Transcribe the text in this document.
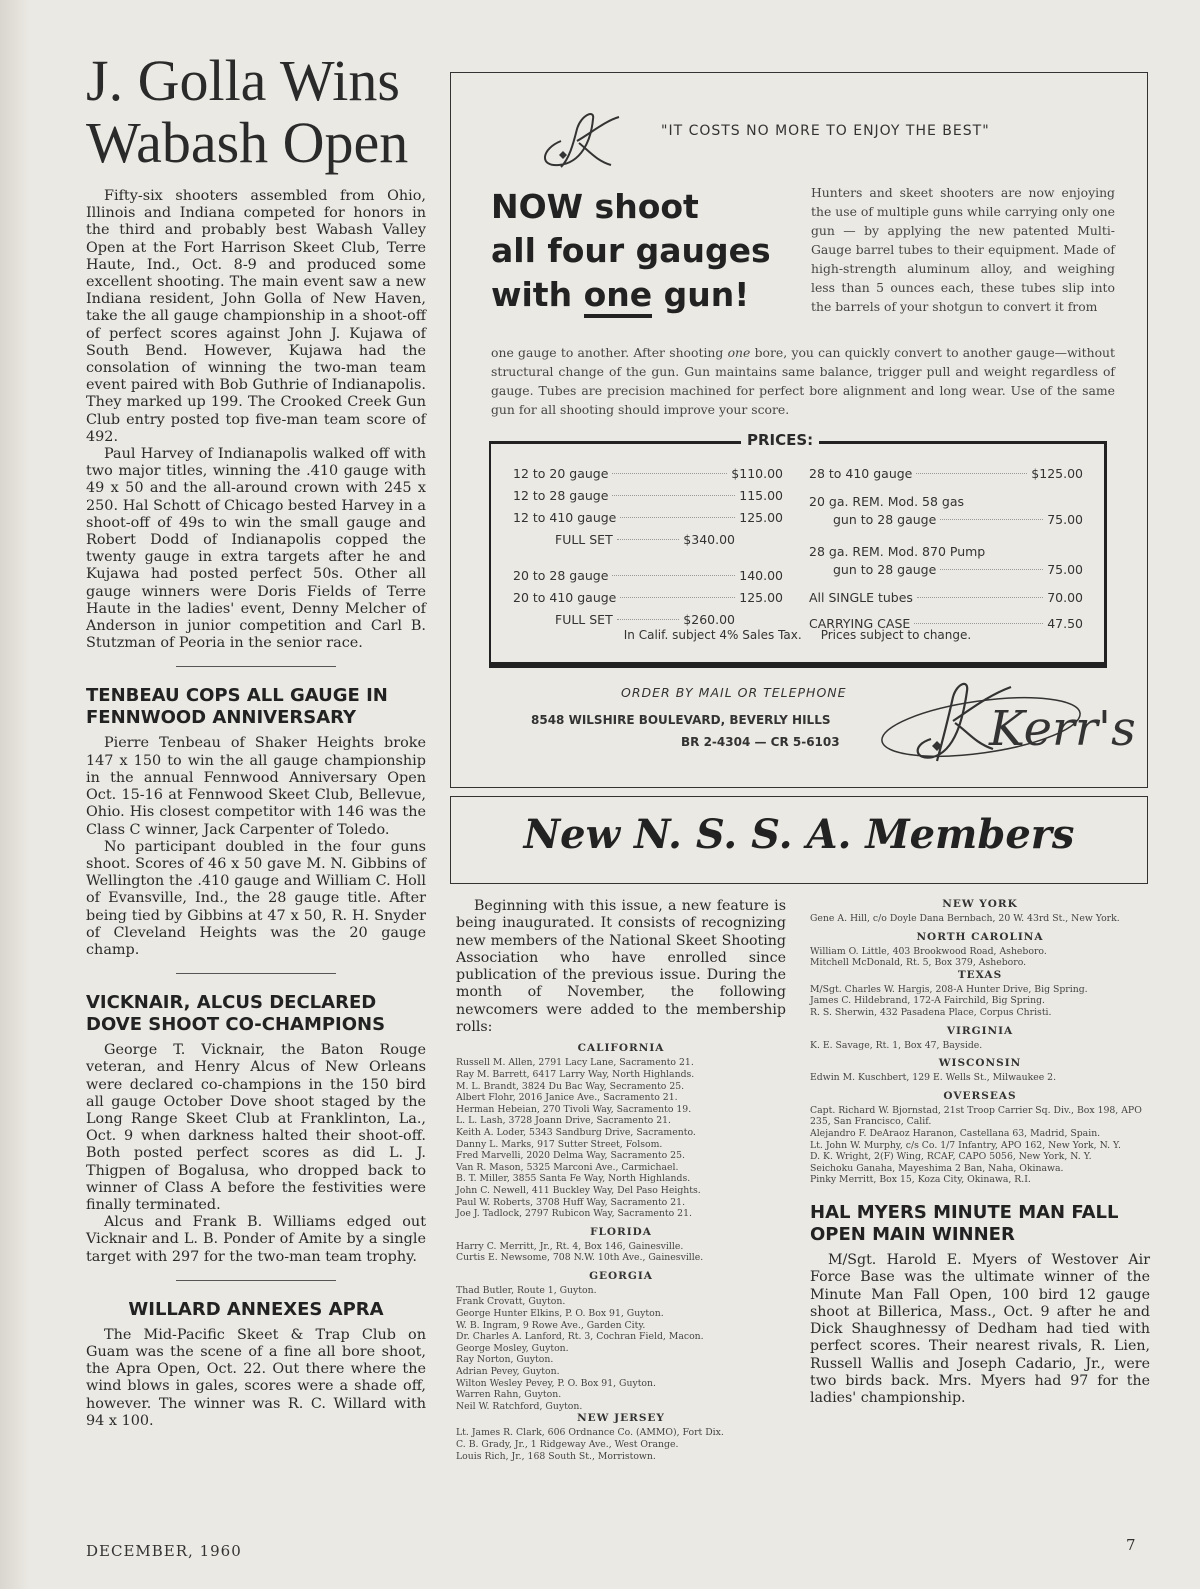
J. Golla Wins Wabash Open

Fifty-six shooters assembled from Ohio, Illinois and Indiana competed for honors in the third and probably best Wabash Valley Open at the Fort Harrison Skeet Club, Terre Haute, Ind., Oct. 8-9 and produced some excellent shooting. The main event saw a new Indiana resident, John Golla of New Haven, take the all gauge championship in a shoot-off of perfect scores against John J. Kujawa of South Bend. However, Kujawa had the consolation of winning the two-man team event paired with Bob Guthrie of Indianapolis. They marked up 199. The Crooked Creek Gun Club entry posted top five-man team score of 492.

Paul Harvey of Indianapolis walked off with two major titles, winning the .410 gauge with 49 x 50 and the all-around crown with 245 x 250. Hal Schott of Chicago bested Harvey in a shoot-off of 49s to win the small gauge and Robert Dodd of Indianapolis copped the twenty gauge in extra targets after he and Kujawa had posted perfect 50s. Other all gauge winners were Doris Fields of Terre Haute in the ladies' event, Denny Melcher of Anderson in junior competition and Carl B. Stutzman of Peoria in the senior race.

TENBEAU COPS ALL GAUGE IN FENNWOOD ANNIVERSARY

Pierre Tenbeau of Shaker Heights broke 147 x 150 to win the all gauge championship in the annual Fennwood Anniversary Open Oct. 15-16 at Fennwood Skeet Club, Bellevue, Ohio. His closest competitor with 146 was the Class C winner, Jack Carpenter of Toledo.

No participant doubled in the four guns shoot. Scores of 46 x 50 gave M. N. Gibbins of Wellington the .410 gauge and William C. Holl of Evansville, Ind., the 28 gauge title. After being tied by Gibbins at 47 x 50, R. H. Snyder of Cleveland Heights was the 20 gauge champ.

VICKNAIR, ALCUS DECLARED DOVE SHOOT CO-CHAMPIONS

George T. Vicknair, the Baton Rouge veteran, and Henry Alcus of New Orleans were declared co-champions in the 150 bird all gauge October Dove shoot staged by the Long Range Skeet Club at Franklinton, La., Oct. 9 when darkness halted their shoot-off. Both posted perfect scores as did L. J. Thigpen of Bogalusa, who dropped back to winner of Class A before the festivities were finally terminated.

Alcus and Frank B. Williams edged out Vicknair and L. B. Ponder of Amite by a single target with 297 for the two-man team trophy.

WILLARD ANNEXES APRA

The Mid-Pacific Skeet & Trap Club on Guam was the scene of a fine all bore shoot, the Apra Open, Oct. 22. Out there where the wind blows in gales, scores were a shade off, however. The winner was R. C. Willard with 94 x 100.

"IT COSTS NO MORE TO ENJOY THE BEST"
NOW shoot
all four gauges
with one gun!
Hunters and skeet shooters are now enjoying the use of multiple guns while carrying only one gun — by applying the new patented Multi-Gauge barrel tubes to their equipment. Made of high-strength aluminum alloy, and weighing less than 5 ounces each, these tubes slip into the barrels of your shotgun to convert it from
one gauge to another. After shooting one bore, you can quickly convert to another gauge—without structural change of the gun. Gun maintains same balance, trigger pull and weight regardless of gauge. Tubes are precision machined for perfect bore alignment and long wear. Use of the same gun for all shooting should improve your score.
PRICES:
12 to 20 gauge	$110.00
12 to 28 gauge	115.00
12 to 410 gauge	125.00
FULL SET	$340.00
20 to 28 gauge	140.00
20 to 410 gauge	125.00
FULL SET	$260.00
28 to 410 gauge	$125.00
20 ga. REM. Mod. 58 gas
gun to 28 gauge	75.00
28 ga. REM. Mod. 870 Pump
gun to 28 gauge	75.00
All SINGLE tubes	70.00
CARRYING CASE	47.50
In Calif. subject 4% Sales Tax. Prices subject to change.
ORDER BY MAIL OR TELEPHONE
8548 WILSHIRE BOULEVARD, BEVERLY HILLS
BR 2-4304 — CR 5-6103	Kerr's
New N. S. S. A. Members

Beginning with this issue, a new feature is being inaugurated. It consists of recognizing new members of the National Skeet Shooting Association who have enrolled since publication of the previous issue. During the month of November, the following newcomers were added to the membership rolls:

CALIFORNIA

Russell M. Allen, 2791 Lacy Lane, Sacramento 21.

Ray M. Barrett, 6417 Larry Way, North Highlands.

M. L. Brandt, 3824 Du Bac Way, Secramento 25.

Albert Flohr, 2016 Janice Ave., Sacramento 21.

Herman Hebeian, 270 Tivoli Way, Sacramento 19.

L. L. Lash, 3728 Joann Drive, Sacramento 21.

Keith A. Loder, 5343 Sandburg Drive, Sacramento.

Danny L. Marks, 917 Sutter Street, Folsom.

Fred Marvelli, 2020 Delma Way, Sacramento 25.

Van R. Mason, 5325 Marconi Ave., Carmichael.

B. T. Miller, 3855 Santa Fe Way, North Highlands.

John C. Newell, 411 Buckley Way, Del Paso Heights.

Paul W. Roberts, 3708 Huff Way, Sacramento 21.

Joe J. Tadlock, 2797 Rubicon Way, Sacramento 21.

FLORIDA

Harry C. Merritt, Jr., Rt. 4, Box 146, Gainesville.

Curtis E. Newsome, 708 N.W. 10th Ave., Gainesville.

GEORGIA

Thad Butler, Route 1, Guyton.

Frank Crovatt, Guyton.

George Hunter Elkins, P. O. Box 91, Guyton.

W. B. Ingram, 9 Rowe Ave., Garden City.

Dr. Charles A. Lanford, Rt. 3, Cochran Field, Macon.

George Mosley, Guyton.

Ray Norton, Guyton.

Adrian Pevey, Guyton.

Wilton Wesley Pevey, P. O. Box 91, Guyton.

Warren Rahn, Guyton.

Neil W. Ratchford, Guyton.

NEW JERSEY

Lt. James R. Clark, 606 Ordnance Co. (AMMO), Fort Dix.

C. B. Grady, Jr., 1 Ridgeway Ave., West Orange.

Louis Rich, Jr., 168 South St., Morristown.

NEW YORK

Gene A. Hill, c/o Doyle Dana Bernbach, 20 W. 43rd St., New York.

NORTH CAROLINA

William O. Little, 403 Brookwood Road, Asheboro.

Mitchell McDonald, Rt. 5, Box 379, Asheboro.

TEXAS

M/Sgt. Charles W. Hargis, 208-A Hunter Drive, Big Spring.

James C. Hildebrand, 172-A Fairchild, Big Spring.

R. S. Sherwin, 432 Pasadena Place, Corpus Christi.

VIRGINIA

K. E. Savage, Rt. 1, Box 47, Bayside.

WISCONSIN

Edwin M. Kuschbert, 129 E. Wells St., Milwaukee 2.

OVERSEAS

Capt. Richard W. Bjornstad, 21st Troop Carrier Sq. Div., Box 198, APO 235, San Francisco, Calif.

Alejandro F. DeAraoz Haranon, Castellana 63, Madrid, Spain.

Lt. John W. Murphy, c/s Co. 1/7 Infantry, APO 162, New York, N. Y.

D. K. Wright, 2(F) Wing, RCAF, CAPO 5056, New York, N. Y.

Seichoku Ganaha, Mayeshima 2 Ban, Naha, Okinawa.

Pinky Merritt, Box 15, Koza City, Okinawa, R.I.

HAL MYERS MINUTE MAN FALL OPEN MAIN WINNER

M/Sgt. Harold E. Myers of Westover Air Force Base was the ultimate winner of the Minute Man Fall Open, 100 bird 12 gauge shoot at Billerica, Mass., Oct. 9 after he and Dick Shaughnessy of Dedham had tied with perfect scores. Their nearest rivals, R. Lien, Russell Wallis and Joseph Cadario, Jr., were two birds back. Mrs. Myers had 97 for the ladies' championship.

DECEMBER, 1960	7
